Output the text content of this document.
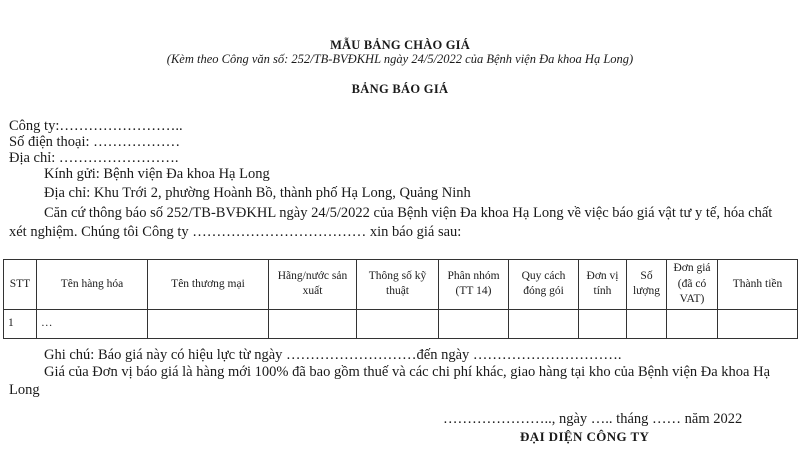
MẪU BẢNG CHÀO GIÁ
(Kèm theo Công văn số: 252/TB-BVĐKHL ngày 24/5/2022 của Bệnh viện Đa khoa Hạ Long)
BẢNG BÁO GIÁ
Công ty:……………………..
Số điện thoại: ………………
Địa chỉ: …………………….
Kính gửi: Bệnh viện Đa khoa Hạ Long
Địa chỉ: Khu Trới 2, phường Hoành Bồ, thành phố Hạ Long, Quảng Ninh
Căn cứ thông báo số 252/TB-BVĐKHL ngày 24/5/2022 của Bệnh viện Đa khoa Hạ Long về việc báo giá vật tư y tế, hóa chất
xét nghiệm. Chúng tôi Công ty ……………………………… xin báo giá sau:
STT	Tên hàng hóa	Tên thương mại	Hãng/nước sản xuất	Thông số kỹ thuật	Phân nhóm (TT 14)	Quy cách đóng gói	Đơn vị tính	Số lượng	Đơn giá (đã có VAT)	Thành tiền
1	…									
Ghi chú: Báo giá này có hiệu lực từ ngày ………………………đến ngày ………………………….
Giá của Đơn vị báo giá là hàng mới 100% đã bao gồm thuế và các chi phí khác, giao hàng tại kho của Bệnh viện Đa khoa Hạ
Long
………………….., ngày ….. tháng …… năm 2022
ĐẠI DIỆN CÔNG TY
